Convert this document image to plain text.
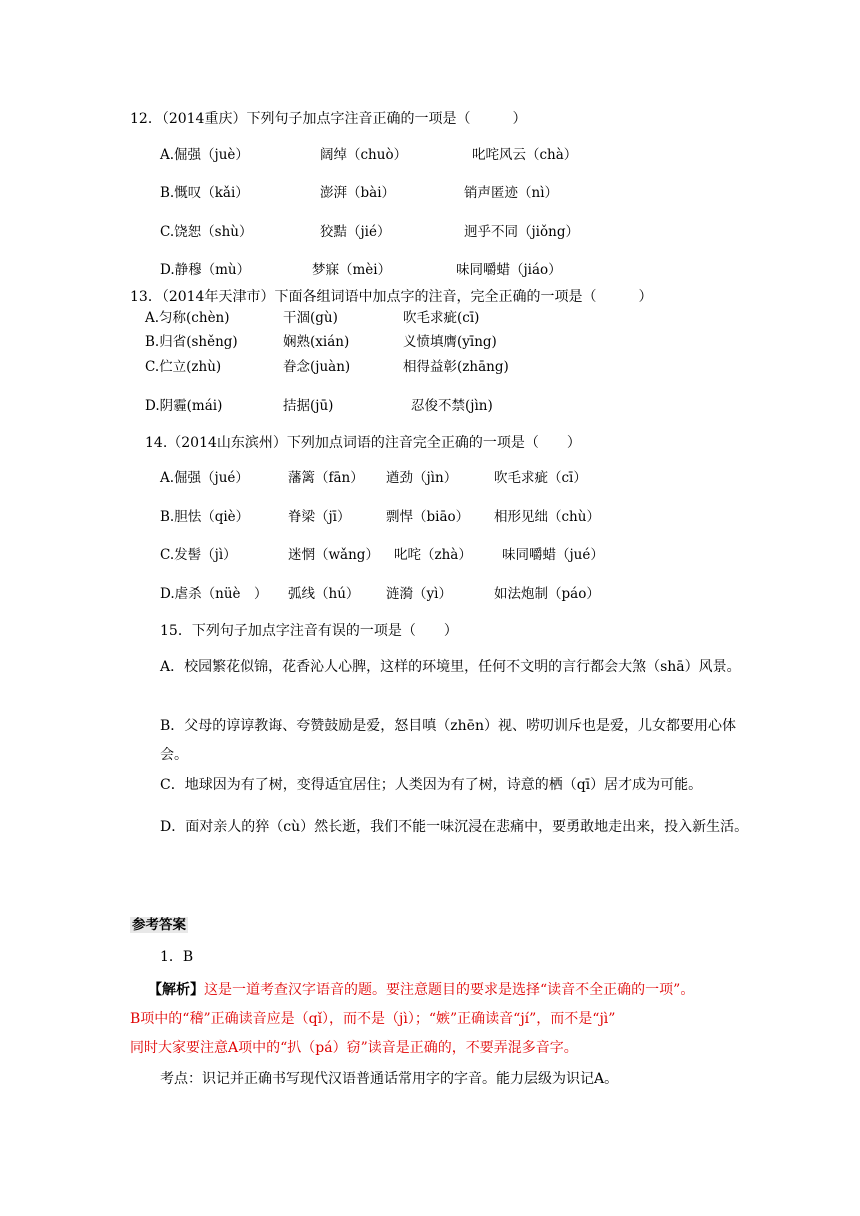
12．（2014重庆）下列句子加点字注音正确的一项是（　　　）
A.倔强（juè）	阔绰（chuò）	叱咤风云（chà）
B.慨叹（kǎi）	澎湃（bài）	销声匿迹（nì）
C.饶恕（shù）	狡黠（jié）	迥乎不同（jiǒng）
D.静穆（mù）	梦寐（mèi）	味同嚼蜡（jiáo）
13．（2014年天津市）下面各组词语中加点字的注音，完全正确的一项是（　　　）
A.匀称(chèn)	干涸(gù)	吹毛求疵(cī)
B.归省(shěng)	娴熟(xián)	义愤填膺(yīng)
C.伫立(zhù)	眷念(juàn)	相得益彰(zhāng)
D.阴霾(mái)	拮据(jū)	忍俊不禁(jìn)
14.（2014山东滨州）下列加点词语的注音完全正确的一项是（　　）
A.倔强（jué）	藩篱（fān） 遒劲（jìn）	吹毛求疵（cī）
B.胆怯（qiè）	脊梁（jī）	剽悍（biāo） 相形见绌（chù）
C.发髻（jì）	迷惘（wǎng） 叱咤（zhà） 味同嚼蜡（jué）
D.虐杀（nüè　） 弧线（hú） 涟漪（yì）	如法炮制（páo）
15．下列句子加点字注音有误的一项是（　　）
A．校园繁花似锦，花香沁人心脾，这样的环境里，任何不文明的言行都会大煞（shā）风景。
B．父母的谆谆教诲、夸赞鼓励是爱，怒目嗔（zhēn）视、唠叨训斥也是爱，儿女都要用心体会。
C．地球因为有了树，变得适宜居住；人类因为有了树，诗意的栖（qī）居才成为可能。
D．面对亲人的猝（cù）然长逝，我们不能一味沉浸在悲痛中，要勇敢地走出来，投入新生活。
参考答案
1．B
【解析】这是一道考查汉字语音的题。要注意题目的要求是选择“读音不全正确的一项”。
B项中的“稽”正确读音应是（qǐ），而不是（jì）；“嫉”正确读音“jí”，而不是“jì”
同时大家要注意A项中的“扒（pá）窃”读音是正确的，不要弄混多音字。
考点：识记并正确书写现代汉语普通话常用字的字音。能力层级为识记A。
